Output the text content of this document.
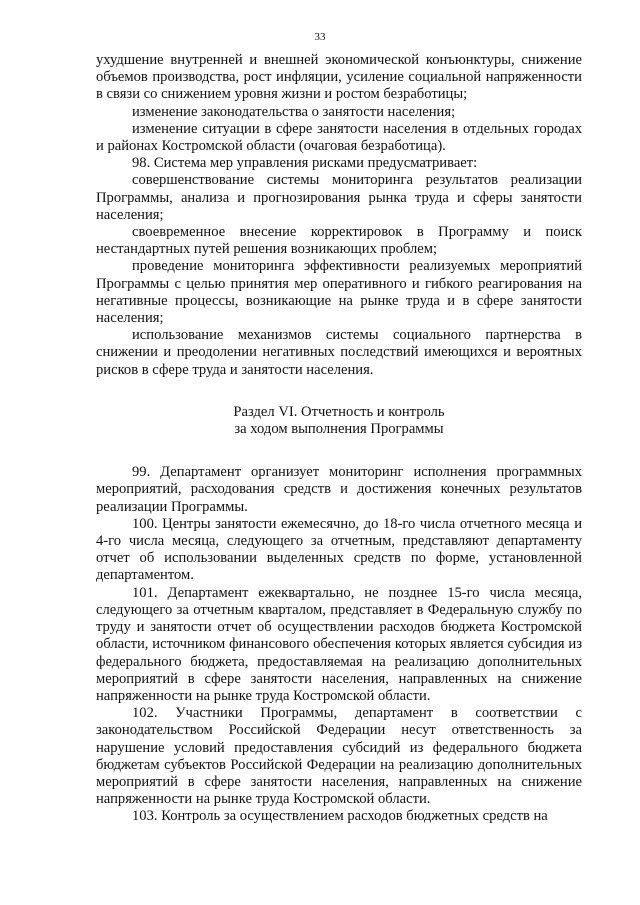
33

ухудшение внутренней и внешней экономической конъюнктуры, снижение объемов производства, рост инфляции, усиление социальной напряженности в связи со снижением уровня жизни и ростом безработицы;

изменение законодательства о занятости населения;

изменение ситуации в сфере занятости населения в отдельных городах и районах Костромской области (очаговая безработица).

98. Система мер управления рисками предусматривает:

совершенствование системы мониторинга результатов реализации Программы, анализа и прогнозирования рынка труда и сферы занятости населения;

своевременное внесение корректировок в Программу и поиск нестандартных путей решения возникающих проблем;

проведение мониторинга эффективности реализуемых мероприятий Программы с целью принятия мер оперативного и гибкого реагирования на негативные процессы, возникающие на рынке труда и в сфере занятости населения;

использование механизмов системы социального партнерства в снижении и преодолении негативных последствий имеющихся и вероятных рисков в сфере труда и занятости населения.

Раздел VI. Отчетность и контроль
за ходом выполнения Программы

99. Департамент организует мониторинг исполнения программных мероприятий, расходования средств и достижения конечных результатов реализации Программы.

100. Центры занятости ежемесячно, до 18-го числа отчетного месяца и 4-го числа месяца, следующего за отчетным, представляют департаменту отчет об использовании выделенных средств по форме, установленной департаментом.

101. Департамент ежеквартально, не позднее 15-го числа месяца, следующего за отчетным кварталом, представляет в Федеральную службу по труду и занятости отчет об осуществлении расходов бюджета Костромской области, источником финансового обеспечения которых является субсидия из федерального бюджета, предоставляемая на реализацию дополнительных мероприятий в сфере занятости населения, направленных на снижение напряженности на рынке труда Костромской области.

102. Участники Программы, департамент в соответствии с законодательством Российской Федерации несут ответственность за нарушение условий предоставления субсидий из федерального бюджета бюджетам субъектов Российской Федерации на реализацию дополнительных мероприятий в сфере занятости населения, направленных на снижение напряженности на рынке труда Костромской области.

103. Контроль за осуществлением расходов бюджетных средств на
